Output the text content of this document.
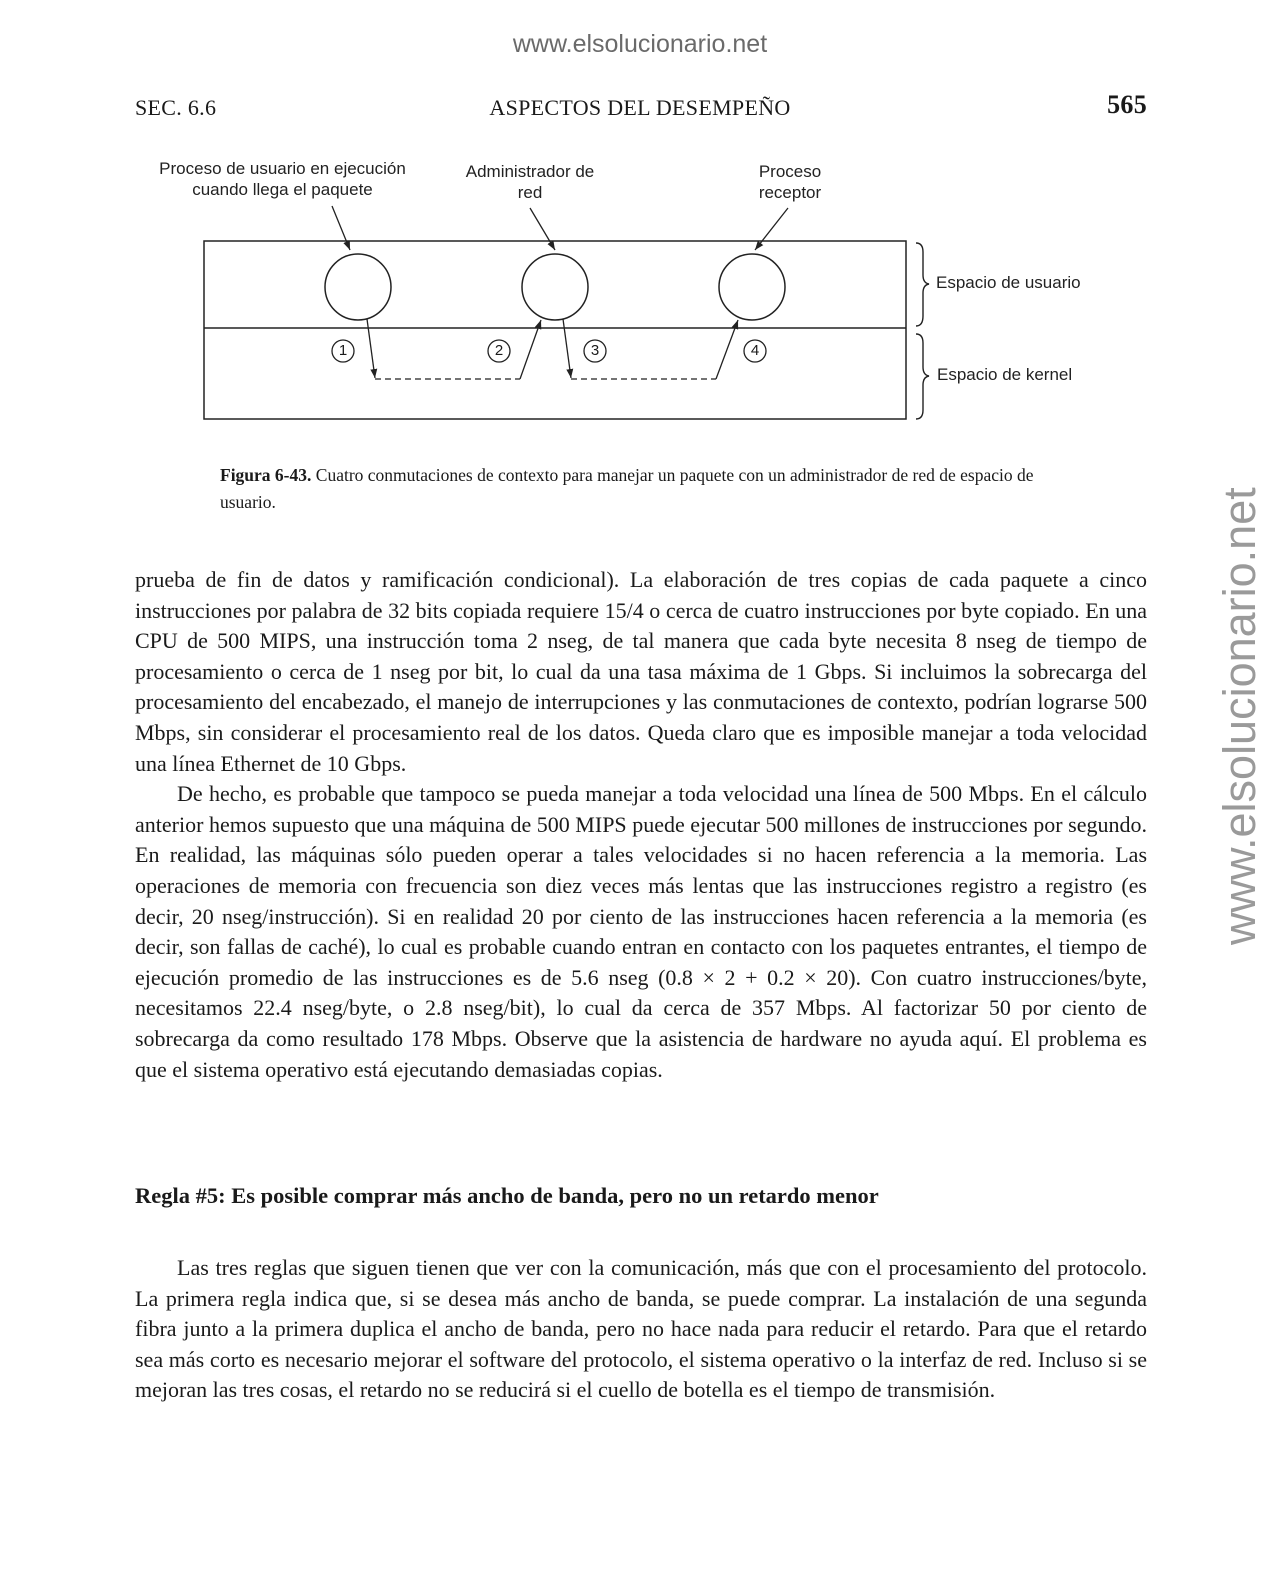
www.elsolucionario.net
www.elsolucionario.net
SEC. 6.6	ASPECTOS DEL DESEMPEÑO	565
Proceso de usuario en ejecución cuando llega el paquete
Administrador de red
Proceso receptor
Espacio de usuario
Espacio de kernel
1	2	3	4
Figura 6-43. Cuatro conmutaciones de contexto para manejar un paquete con un administrador de red de espacio de usuario.

prueba de fin de datos y ramificación condicional). La elaboración de tres copias de cada paquete a cinco instrucciones por palabra de 32 bits copiada requiere 15/4 o cerca de cuatro instrucciones por byte copiado. En una CPU de 500 MIPS, una instrucción toma 2 nseg, de tal manera que cada byte necesita 8 nseg de tiempo de procesamiento o cerca de 1 nseg por bit, lo cual da una tasa máxima de 1 Gbps. Si incluimos la sobrecarga del procesamiento del encabezado, el manejo de interrupciones y las conmutaciones de contexto, podrían lograrse 500 Mbps, sin considerar el procesamiento real de los datos. Queda claro que es imposible manejar a toda velocidad una línea Ethernet de 10 Gbps.

De hecho, es probable que tampoco se pueda manejar a toda velocidad una línea de 500 Mbps. En el cálculo anterior hemos supuesto que una máquina de 500 MIPS puede ejecutar 500 millones de instrucciones por segundo. En realidad, las máquinas sólo pueden operar a tales velocidades si no hacen referencia a la memoria. Las operaciones de memoria con frecuencia son diez veces más lentas que las instrucciones registro a registro (es decir, 20 nseg/instrucción). Si en realidad 20 por ciento de las instrucciones hacen referencia a la memoria (es decir, son fallas de caché), lo cual es probable cuando entran en contacto con los paquetes entrantes, el tiempo de ejecución promedio de las instrucciones es de 5.6 nseg (0.8 × 2 + 0.2 × 20). Con cuatro instrucciones/byte, necesitamos 22.4 nseg/byte, o 2.8 nseg/bit), lo cual da cerca de 357 Mbps. Al factorizar 50 por ciento de sobrecarga da como resultado 178 Mbps. Observe que la asistencia de hardware no ayuda aquí. El problema es que el sistema operativo está ejecutando demasiadas copias.

Regla #5: Es posible comprar más ancho de banda, pero no un retardo menor

Las tres reglas que siguen tienen que ver con la comunicación, más que con el procesamiento del protocolo. La primera regla indica que, si se desea más ancho de banda, se puede comprar. La instalación de una segunda fibra junto a la primera duplica el ancho de banda, pero no hace nada para reducir el retardo. Para que el retardo sea más corto es necesario mejorar el software del protocolo, el sistema operativo o la interfaz de red. Incluso si se mejoran las tres cosas, el retardo no se reducirá si el cuello de botella es el tiempo de transmisión.
